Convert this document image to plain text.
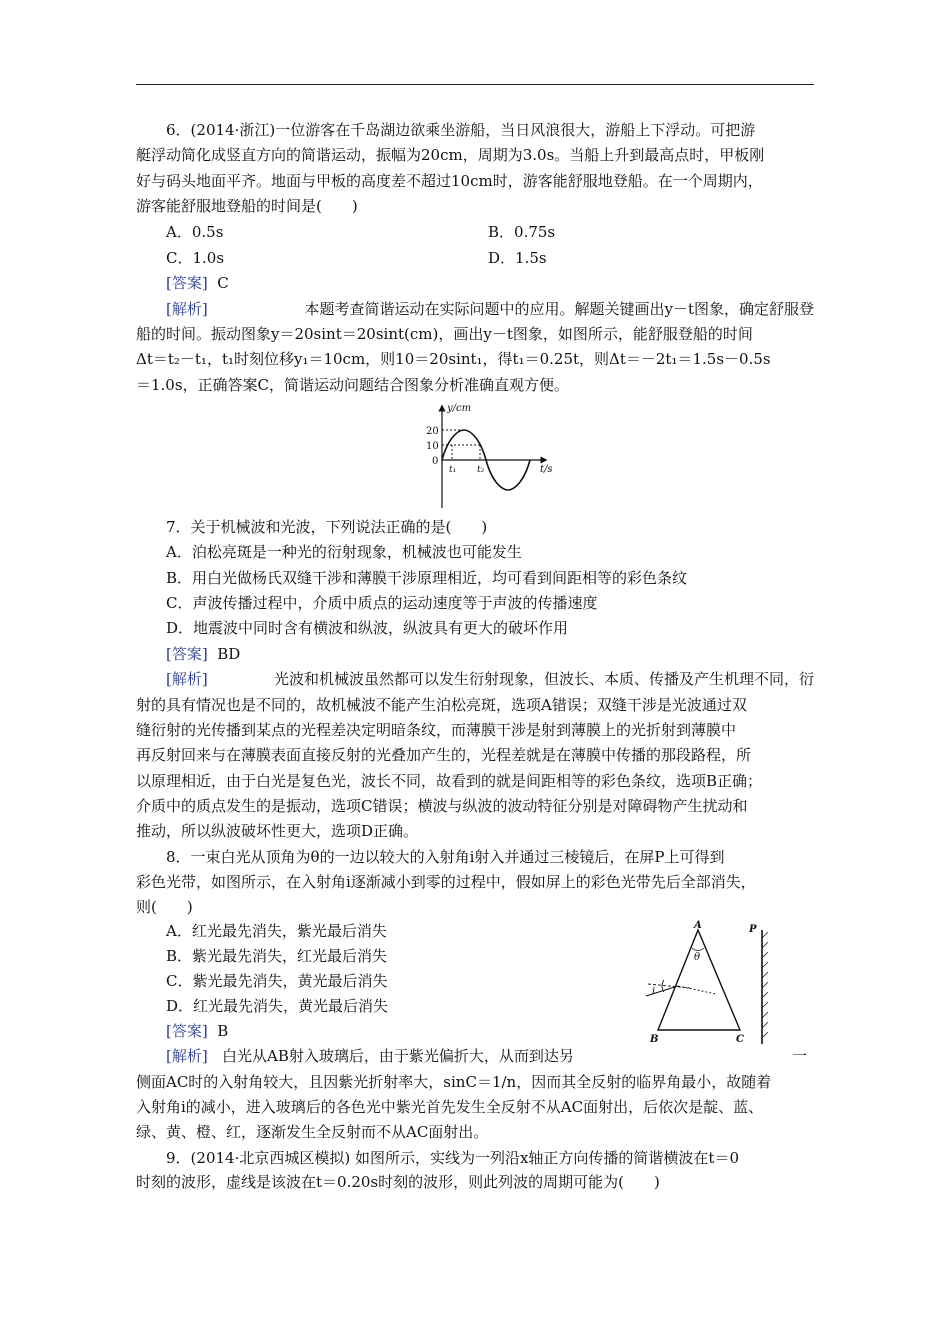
6．(2014·浙江)一位游客在千岛湖边欲乘坐游船，当日风浪很大，游船上下浮动。可把游
艇浮动简化成竖直方向的简谐运动，振幅为20cm，周期为3.0s。当船上升到最高点时，甲板刚
好与码头地面平齐。地面与甲板的高度差不超过10cm时，游客能舒服地登船。在一个周期内，
游客能舒服地登船的时间是(　　)
A．0.5s	B．0.75s
C．1.0s	D．1.5s
[答案] C
[解析]	本题考查简谐运动在实际问题中的应用。解题关键画出y－t图象，确定舒服登
船的时间。振动图象y＝20sint＝20sint(cm)，画出y－t图象，如图所示，能舒服登船的时间
Δt＝t₂－t₁，t₁时刻位移y₁＝10cm，则10＝20sint₁，得t₁＝0.25t，则Δt＝－2t₁＝1.5s－0.5s
＝1.0s，正确答案C，简谐运动问题结合图象分析准确直观方便。
y/cm
20
10
0
t₁ t₂	t/s
7．关于机械波和光波，下列说法正确的是(　　)
A．泊松亮斑是一种光的衍射现象，机械波也可能发生
B．用白光做杨氏双缝干涉和薄膜干涉原理相近，均可看到间距相等的彩色条纹
C．声波传播过程中，介质中质点的运动速度等于声波的传播速度
D．地震波中同时含有横波和纵波，纵波具有更大的破坏作用
[答案] BD
[解析]	光波和机械波虽然都可以发生衍射现象，但波长、本质、传播及产生机理不同，衍
射的具有情况也是不同的，故机械波不能产生泊松亮斑，选项A错误；双缝干涉是光波通过双
缝衍射的光传播到某点的光程差决定明暗条纹，而薄膜干涉是射到薄膜上的光折射到薄膜中
再反射回来与在薄膜表面直接反射的光叠加产生的，光程差就是在薄膜中传播的那段路程，所
以原理相近，由于白光是复色光，波长不同，故看到的就是间距相等的彩色条纹，选项B正确；
介质中的质点发生的是振动，选项C错误；横波与纵波的波动特征分别是对障碍物产生扰动和
推动，所以纵波破坏性更大，选项D正确。
8．一束白光从顶角为θ的一边以较大的入射角i射入并通过三棱镜后，在屏P上可得到
彩色光带，如图所示，在入射角i逐渐减小到零的过程中，假如屏上的彩色光带先后全部消失，
则(　　)
A．红光最先消失，紫光最后消失
B．紫光最先消失，红光最后消失
C．紫光最先消失，黄光最后消失
D．红光最先消失，黄光最后消失
[答案] B
[解析] 白光从AB射入玻璃后，由于紫光偏折大，从而到达另	一
侧面AC时的入射角较大，且因紫光折射率大，sinC＝1/n，因而其全反射的临界角最小，故随着
入射角i的减小，进入玻璃后的各色光中紫光首先发生全反射不从AC面射出，后依次是靛、蓝、
绿、黄、橙、红，逐渐发生全反射而不从AC面射出。
A
B	C
P
θ
i
9．(2014·北京西城区模拟) 如图所示，实线为一列沿x轴正方向传播的简谐横波在t＝0
时刻的波形，虚线是该波在t＝0.20s时刻的波形，则此列波的周期可能为(　　)
